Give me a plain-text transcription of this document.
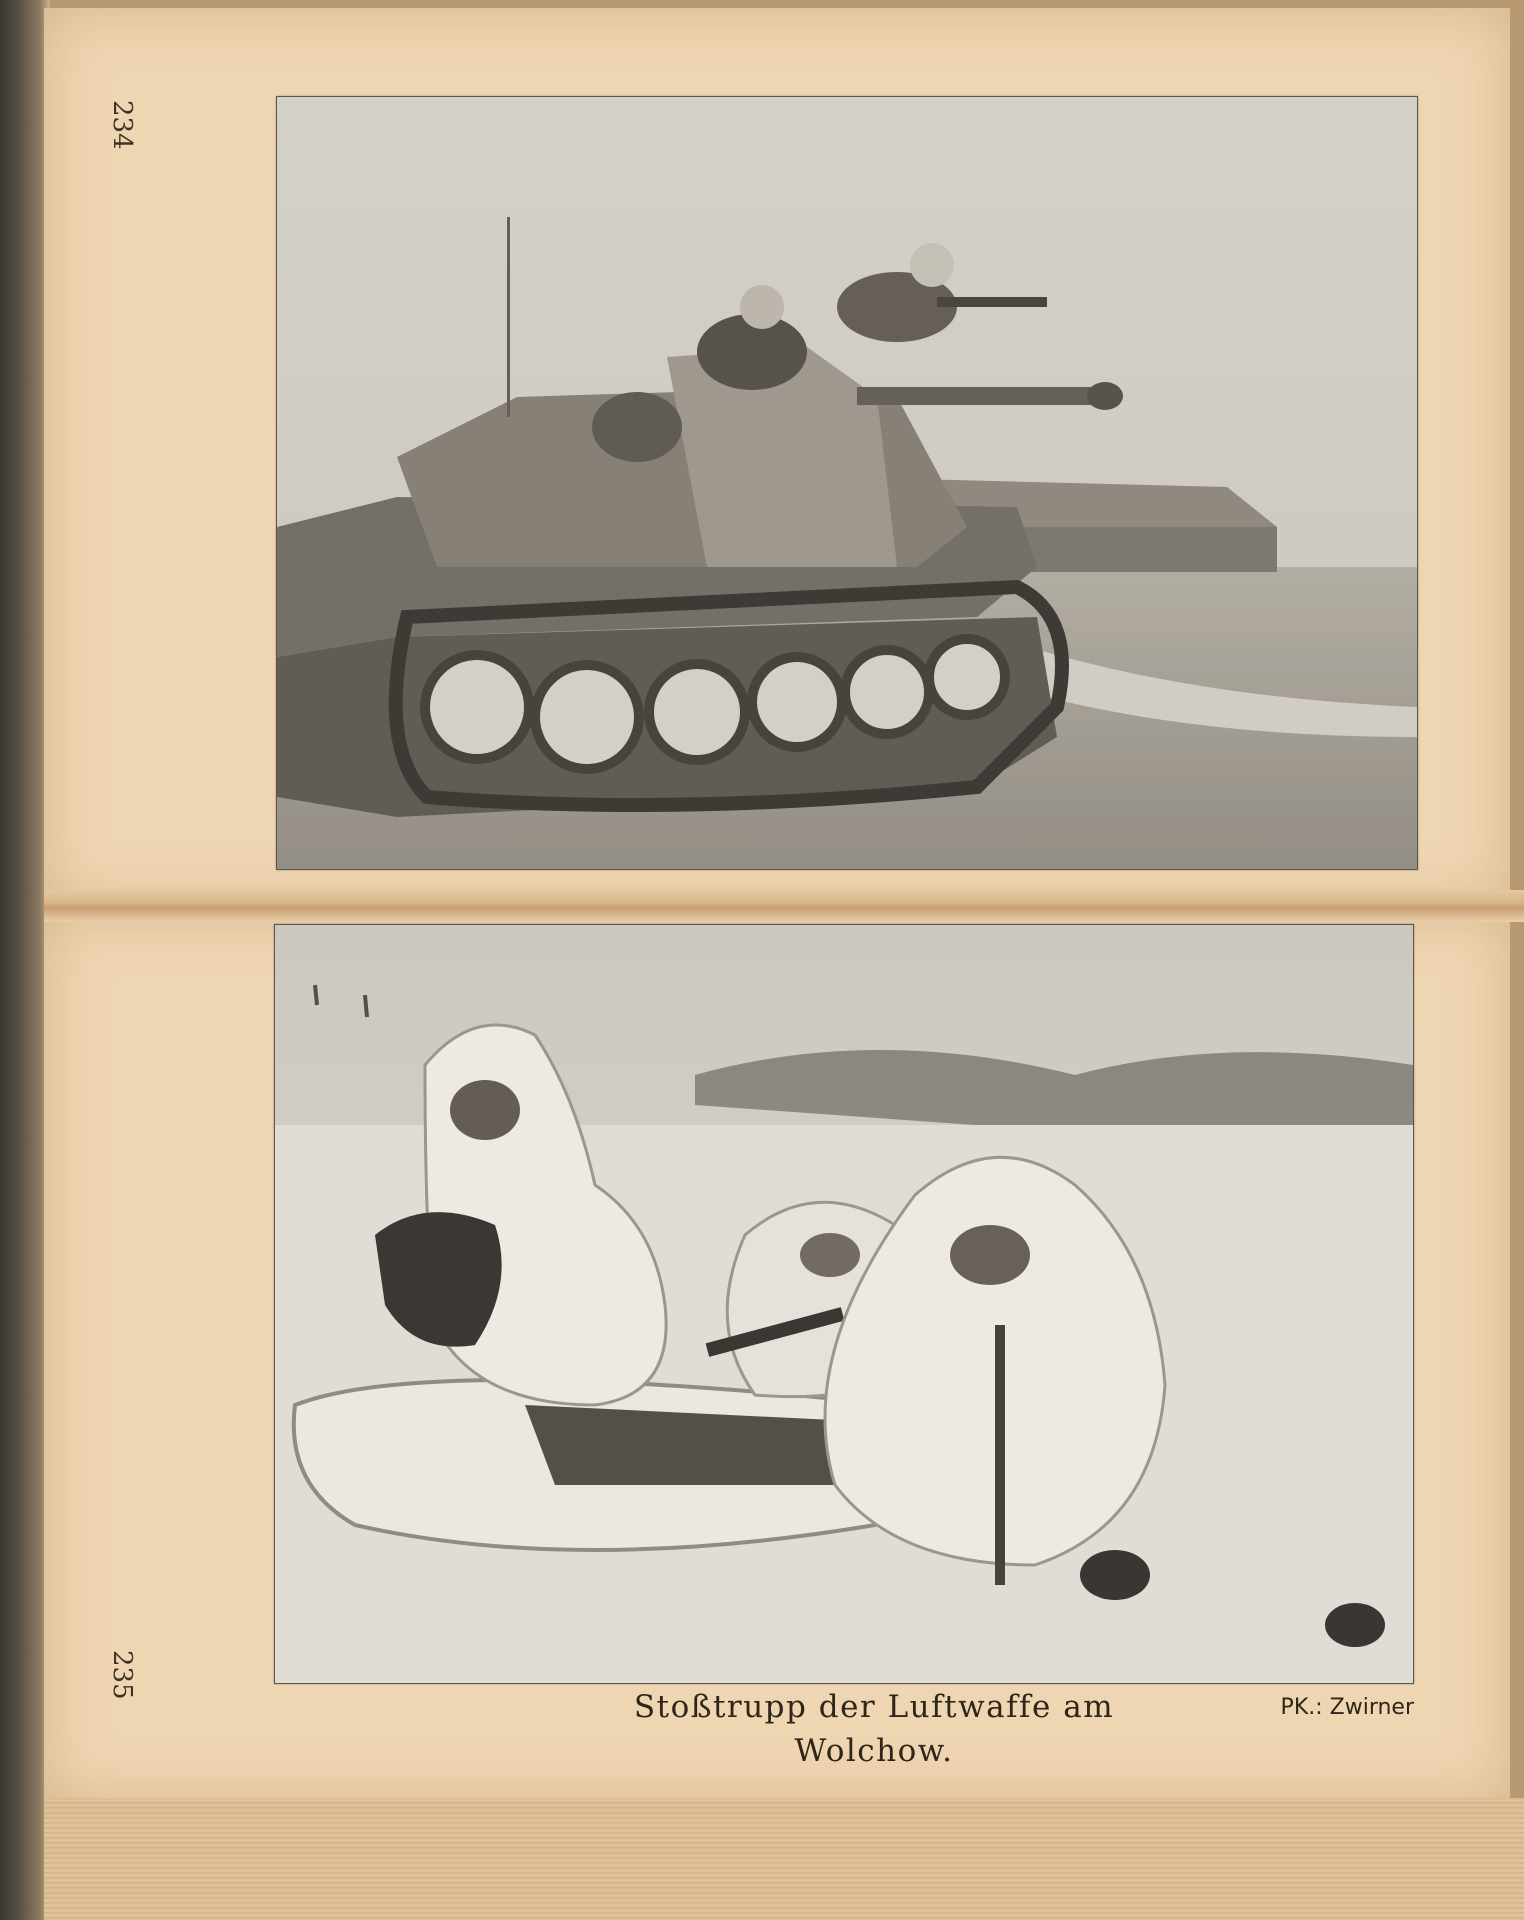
234
235
Stoßtrupp der Luftwaffe am Wolchow.
PK.: Zwirner
